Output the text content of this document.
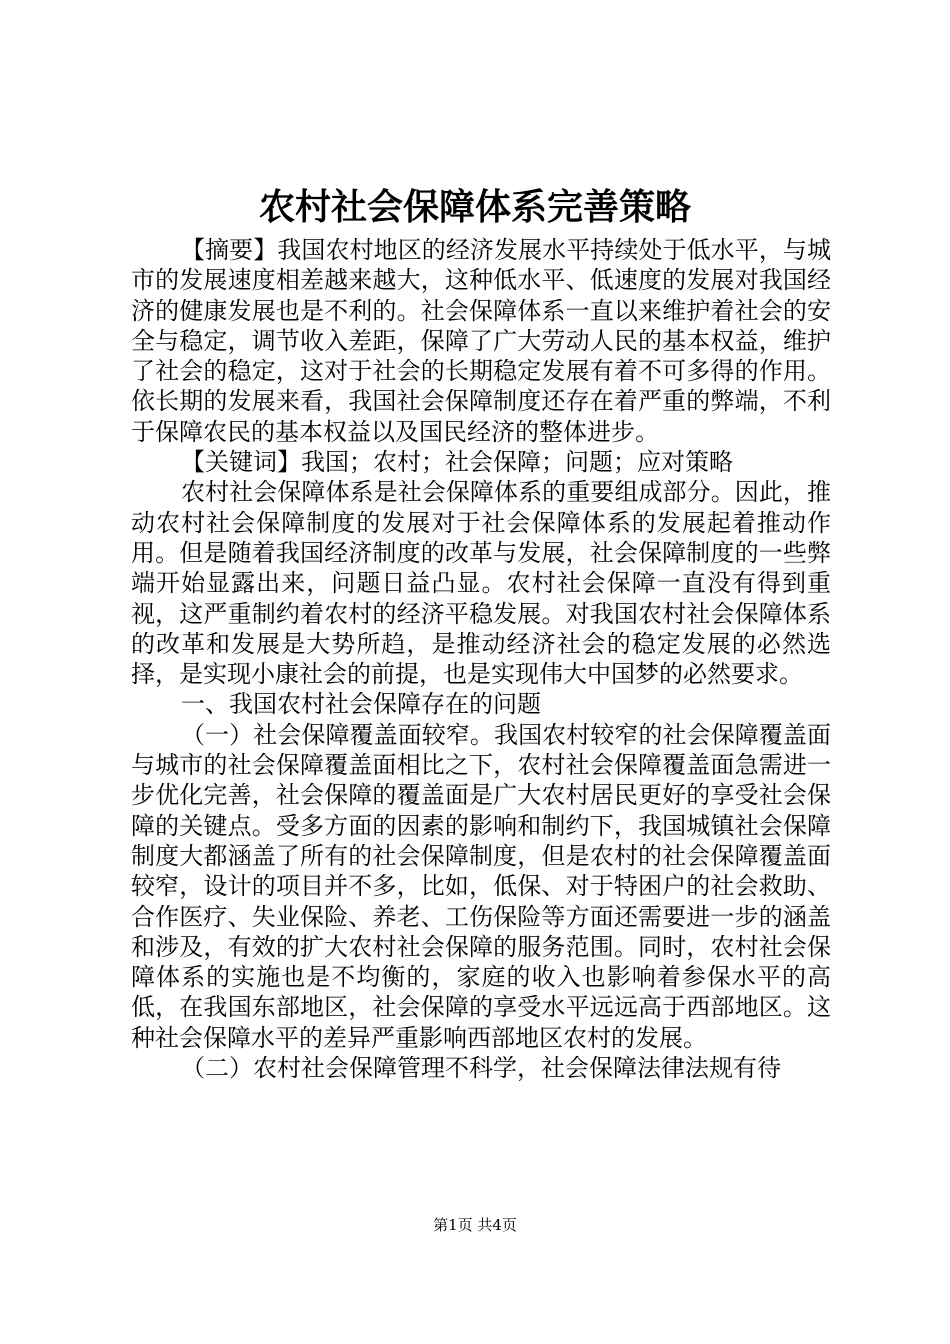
农村社会保障体系完善策略

【摘要】我国农村地区的经济发展水平持续处于低水平，与城市的发展速度相差越来越大，这种低水平、低速度的发展对我国经济的健康发展也是不利的。社会保障体系一直以来维护着社会的安全与稳定，调节收入差距，保障了广大劳动人民的基本权益，维护了社会的稳定，这对于社会的长期稳定发展有着不可多得的作用。依长期的发展来看，我国社会保障制度还存在着严重的弊端，不利于保障农民的基本权益以及国民经济的整体进步。

【关键词】我国；农村；社会保障；问题；应对策略

农村社会保障体系是社会保障体系的重要组成部分。因此，推动农村社会保障制度的发展对于社会保障体系的发展起着推动作用。但是随着我国经济制度的改革与发展，社会保障制度的一些弊端开始显露出来，问题日益凸显。农村社会保障一直没有得到重视，这严重制约着农村的经济平稳发展。对我国农村社会保障体系的改革和发展是大势所趋，是推动经济社会的稳定发展的必然选择，是实现小康社会的前提，也是实现伟大中国梦的必然要求。

一、我国农村社会保障存在的问题

（一）社会保障覆盖面较窄。我国农村较窄的社会保障覆盖面与城市的社会保障覆盖面相比之下，农村社会保障覆盖面急需进一步优化完善，社会保障的覆盖面是广大农村居民更好的享受社会保障的关键点。受多方面的因素的影响和制约下，我国城镇社会保障制度大都涵盖了所有的社会保障制度，但是农村的社会保障覆盖面较窄，设计的项目并不多，比如，低保、对于特困户的社会救助、合作医疗、失业保险、养老、工伤保险等方面还需要进一步的涵盖和涉及，有效的扩大农村社会保障的服务范围。同时，农村社会保障体系的实施也是不均衡的，家庭的收入也影响着参保水平的高低，在我国东部地区，社会保障的享受水平远远高于西部地区。这种社会保障水平的差异严重影响西部地区农村的发展。

（二）农村社会保障管理不科学，社会保障法律法规有待

第1页 共4页
